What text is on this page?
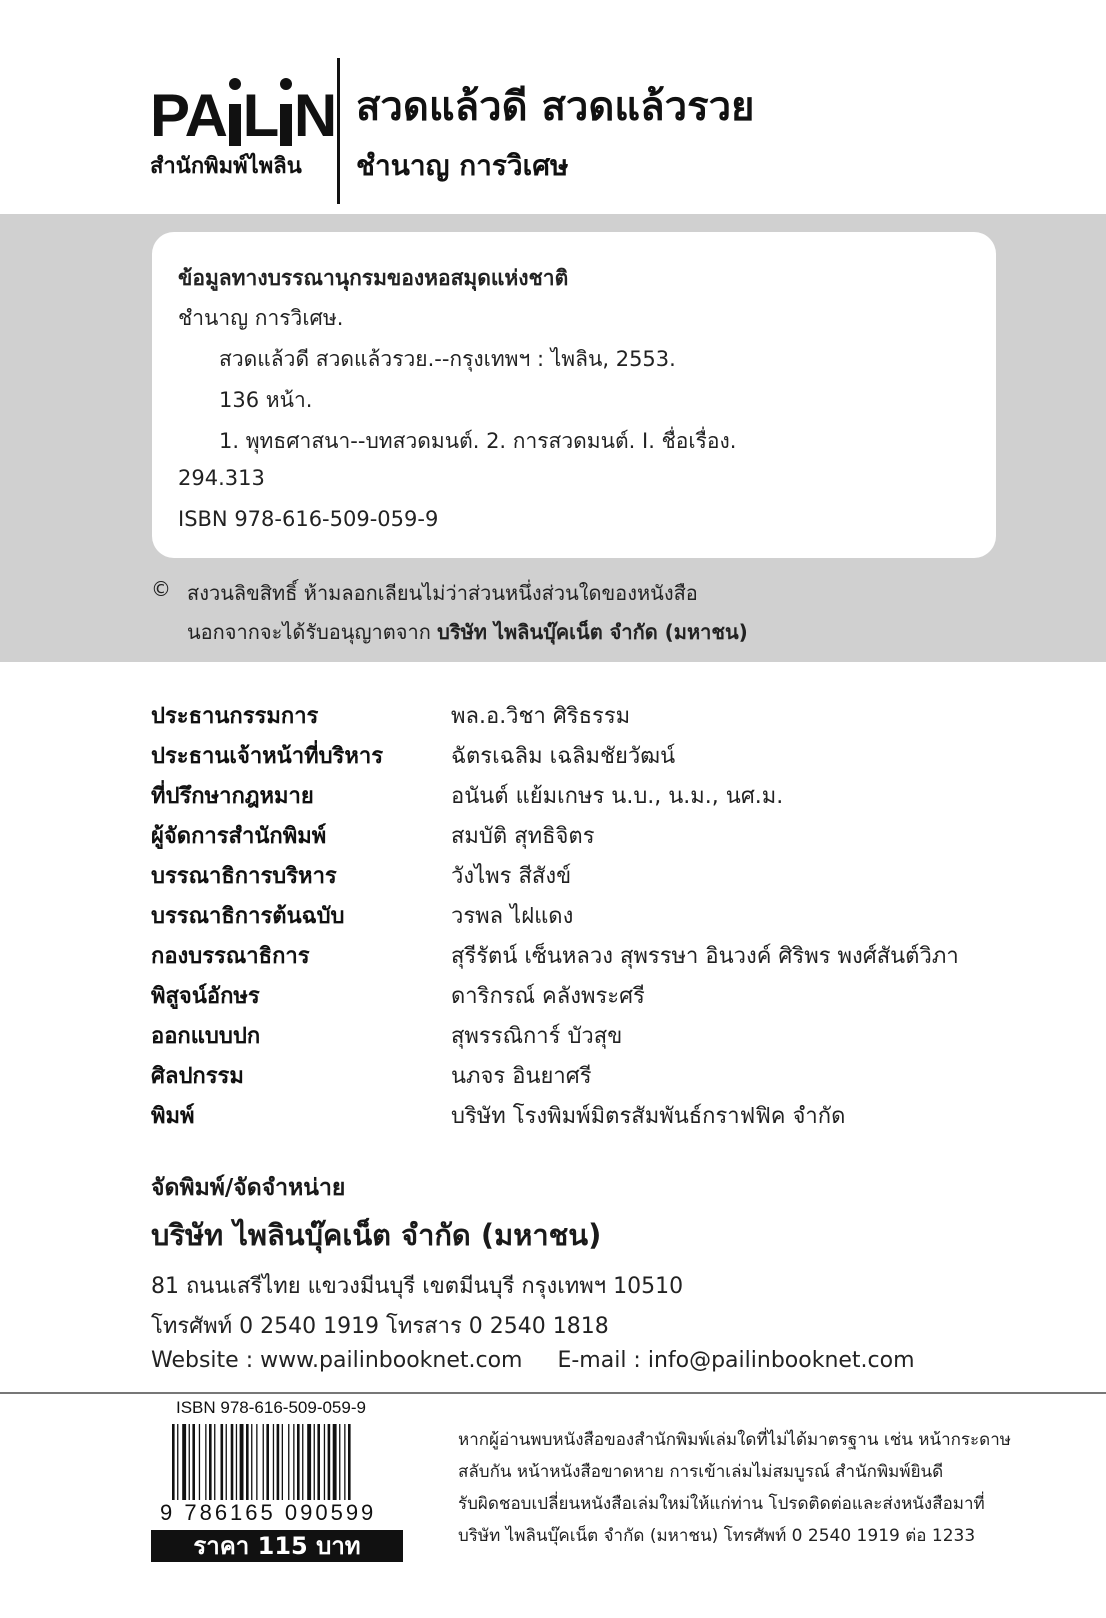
PA L N
สำนักพิมพ์ไพลิน
สวดแล้วดี สวดแล้วรวย
ชำนาญ การวิเศษ
ข้อมูลทางบรรณานุกรมของหอสมุดแห่งชาติ
ชำนาญ การวิเศษ.
สวดแล้วดี สวดแล้วรวย.--กรุงเทพฯ : ไพลิน, 2553.
136 หน้า.
1. พุทธศาสนา--บทสวดมนต์. 2. การสวดมนต์. I. ชื่อเรื่อง.
294.313
ISBN 978-616-509-059-9
© สงวนลิขสิทธิ์ ห้ามลอกเลียนไม่ว่าส่วนหนึ่งส่วนใดของหนังสือ
นอกจากจะได้รับอนุญาตจาก บริษัท ไพลินบุ๊คเน็ต จำกัด (มหาชน)
ประธานกรรมการ	พล.อ.วิชา ศิริธรรม
ประธานเจ้าหน้าที่บริหาร	ฉัตรเฉลิม เฉลิมชัยวัฒน์
ที่ปรึกษากฎหมาย	อนันต์ แย้มเกษร น.บ., น.ม., นศ.ม.
ผู้จัดการสำนักพิมพ์	สมบัติ สุทธิจิตร
บรรณาธิการบริหาร	วังไพร สีสังข์
บรรณาธิการต้นฉบับ	วรพล ไฝแดง
กองบรรณาธิการ	สุรีรัตน์ เซ็นหลวง สุพรรษา อินวงค์ ศิริพร พงศ์สันต์วิภา
พิสูจน์อักษร	ดาริกรณ์ คลังพระศรี
ออกแบบปก	สุพรรณิการ์ บัวสุข
ศิลปกรรม	นภจร อินยาศรี
พิมพ์	บริษัท โรงพิมพ์มิตรสัมพันธ์กราฟฟิค จำกัด
จัดพิมพ์/จัดจำหน่าย
บริษัท ไพลินบุ๊คเน็ต จำกัด (มหาชน)
81 ถนนเสรีไทย แขวงมีนบุรี เขตมีนบุรี กรุงเทพฯ 10510
โทรศัพท์ 0 2540 1919 โทรสาร 0 2540 1818
Website : www.pailinbooknet.com     E-mail : info@pailinbooknet.com
ISBN 978-616-509-059-9
9 786165 090599
ราคา 115 บาท
หากผู้อ่านพบหนังสือของสำนักพิมพ์เล่มใดที่ไม่ได้มาตรฐาน เช่น หน้ากระดาษ
สลับกัน หน้าหนังสือขาดหาย การเข้าเล่มไม่สมบูรณ์ สำนักพิมพ์ยินดี
รับผิดชอบเปลี่ยนหนังสือเล่มใหม่ให้แก่ท่าน โปรดติดต่อและส่งหนังสือมาที่
บริษัท ไพลินบุ๊คเน็ต จำกัด (มหาชน) โทรศัพท์ 0 2540 1919 ต่อ 1233
